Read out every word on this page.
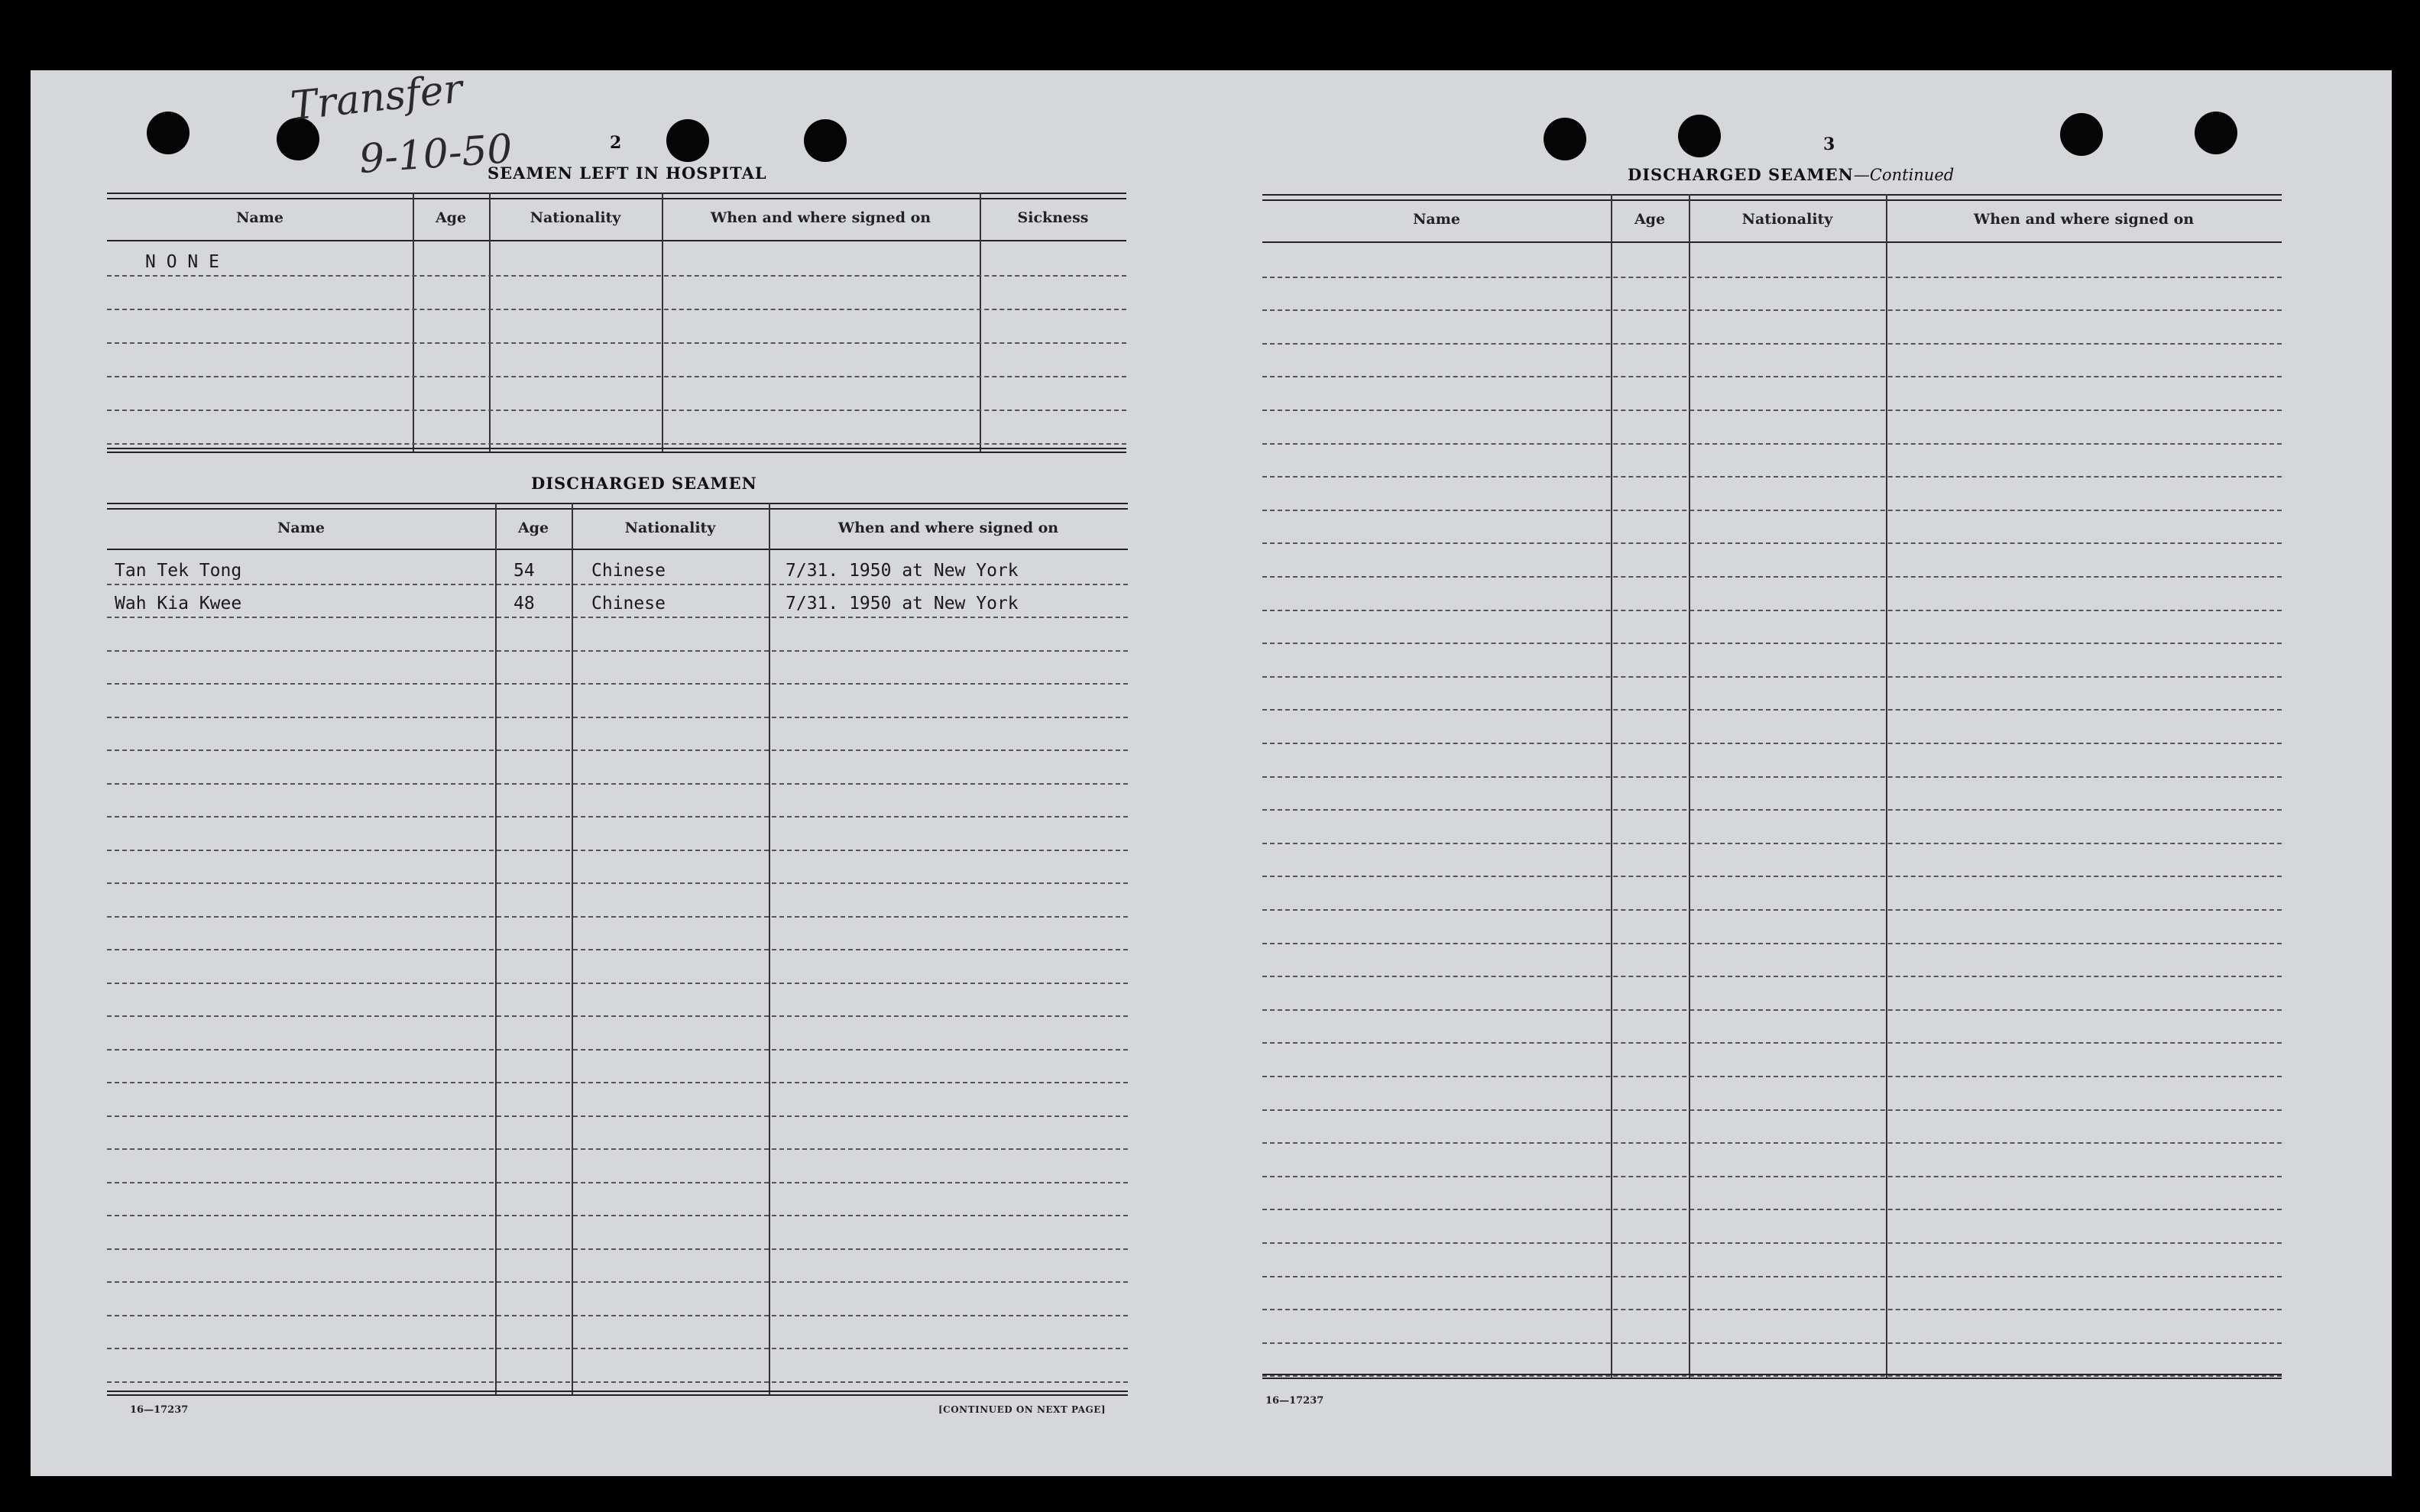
Transfer
9-10-50	2
SEAMEN LEFT IN HOSPITAL
Name	Age	Nationality	When and where signed on	Sickness
N O N E
DISCHARGED SEAMEN
Name	Age	Nationality	When and where signed on
Tan Tek Tong	54	Chinese	7/31. 1950 at New York
Wah Kia Kwee	48	Chinese	7/31. 1950 at New York
16—17237	[CONTINUED ON NEXT PAGE]
3
DISCHARGED SEAMEN—Continued
Name	Age	Nationality	When and where signed on
16—17237
